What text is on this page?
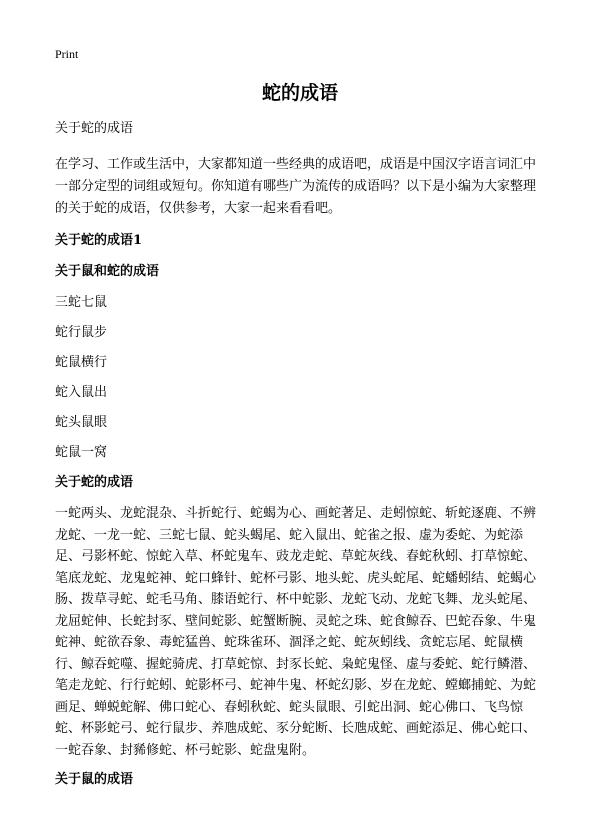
Print
蛇的成语

关于蛇的成语

在学习、工作或生活中，大家都知道一些经典的成语吧，成语是中国汉字语言词汇中一部分定型的词组或短句。你知道有哪些广为流传的成语吗？以下是小编为大家整理的关于蛇的成语，仅供参考，大家一起来看看吧。

关于蛇的成语1
关于鼠和蛇的成语

三蛇七鼠

蛇行鼠步

蛇鼠横行

蛇入鼠出

蛇头鼠眼

蛇鼠一窝

关于蛇的成语

一蛇两头、龙蛇混杂、斗折蛇行、蛇蝎为心、画蛇著足、走蚓惊蛇、斩蛇逐鹿、不辨龙蛇、一龙一蛇、三蛇七鼠、蛇头蝎尾、蛇入鼠出、蛇雀之报、虚为委蛇、为蛇添足、弓影杯蛇、惊蛇入草、杯蛇鬼车、豉龙走蛇、草蛇灰线、春蛇秋蚓、打草惊蛇、笔底龙蛇、龙鬼蛇神、蛇口蜂针、蛇杯弓影、地头蛇、虎头蛇尾、蛇蟠蚓结、蛇蝎心肠、拨草寻蛇、蛇毛马角、膝语蛇行、杯中蛇影、龙蛇飞动、龙蛇飞舞、龙头蛇尾、龙屈蛇伸、长蛇封豕、壁间蛇影、蛇蟹断腕、灵蛇之珠、蛇食鲸吞、巴蛇吞象、牛鬼蛇神、蛇欲吞象、毒蛇猛兽、蛇珠雀环、涸泽之蛇、蛇灰蚓线、贪蛇忘尾、蛇鼠横行、鲸吞蛇噬、握蛇骑虎、打草蛇惊、封豕长蛇、枭蛇鬼怪、虚与委蛇、蛇行鳞潜、笔走龙蛇、行行蛇蚓、蛇影杯弓、蛇神牛鬼、杯蛇幻影、岁在龙蛇、螳螂捕蛇、为蛇画足、蝉蜕蛇解、佛口蛇心、春蚓秋蛇、蛇头鼠眼、引蛇出洞、蛇心佛口、飞鸟惊蛇、杯影蛇弓、蛇行鼠步、养虺成蛇、豕分蛇断、长虺成蛇、画蛇添足、佛心蛇口、一蛇吞象、封豨修蛇、杯弓蛇影、蛇盘鬼附。

关于鼠的成语
